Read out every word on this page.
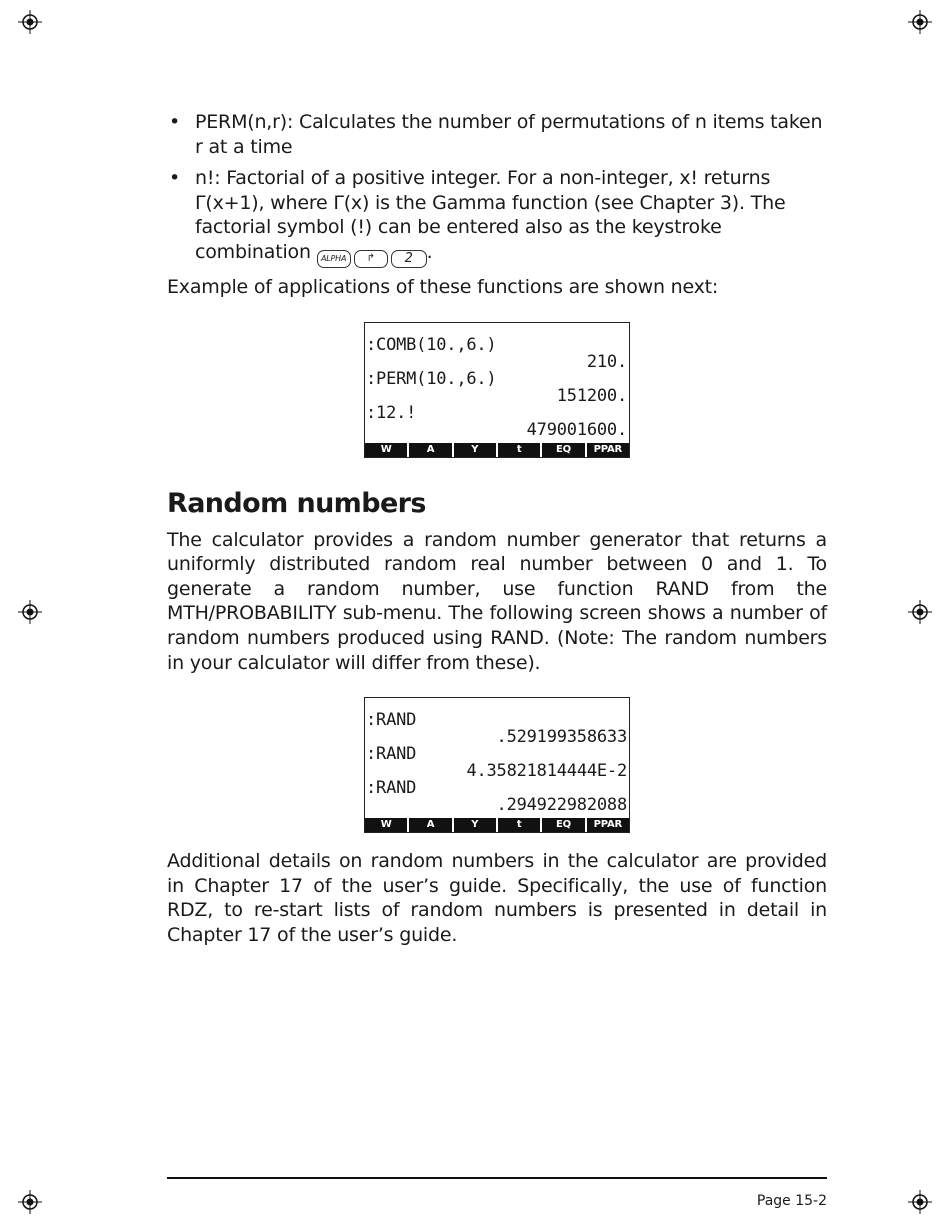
• PERM(n,r): Calculates the number of permutations of n items taken r at a time
• n!: Factorial of a positive integer. For a non-integer, x! returns Γ(x+1), where Γ(x) is the Gamma function (see Chapter 3). The factorial symbol (!) can be entered also as the keystroke combination	ALPHA	↱	2 .

Example of applications of these functions are shown next:

:COMB(10.,6.)
210.
:PERM(10.,6.)
151200.
:12.!
479001600.
W	A	Y	t	EQ	PPAR
Random numbers

The calculator provides a random number generator that returns a uniformly distributed random real number between 0 and 1. To generate a random number, use function RAND from the MTH/PROBABILITY sub-menu. The following screen shows a number of random numbers produced using RAND. (Note: The random numbers in your calculator will differ from these).

:RAND
.529199358633
:RAND
4.35821814444E-2
:RAND
.294922982088
W	A	Y	t	EQ	PPAR

Additional details on random numbers in the calculator are provided in Chapter 17 of the user’s guide. Specifically, the use of function RDZ, to re-start lists of random numbers is presented in detail in Chapter 17 of the user’s guide.

Page 15-2
